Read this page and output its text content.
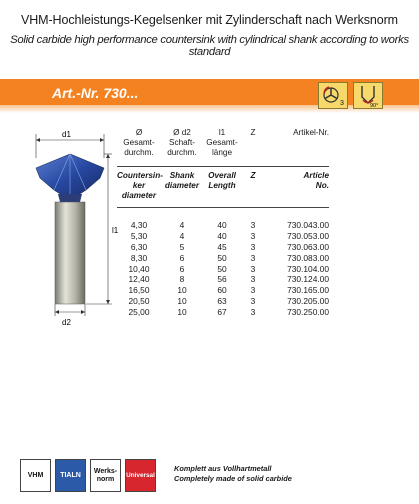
VHM-Hochleistungs-Kegelsenker mit Zylinderschaft nach Werksnorm
Solid carbide high performance countersink with cylindrical shank according to works standard
Art.-Nr. 730...
3	90°
d1
l1
d2
Ø
Gesamt-
durchm.
Ø d2
Schaft-
durchm.
l1
Gesamt-
länge
Z	Artikel-Nr.
Countersin-
ker diameter
Shank
diameter
Overall
Length
Z	Article
No.
4,30	4	40	3	730.043.00
5,30	4	40	3	730.053.00
6,30	5	45	3	730.063.00
8,30	6	50	3	730.083.00
10,40	6	50	3	730.104.00
12,40	8	56	3	730.124.00
16,50	10	60	3	730.165.00
20,50	10	63	3	730.205.00
25,00	10	67	3	730.250.00
VHM TIALN
Werks-
norm
Universal
Komplett aus Vollhartmetall
Completely made of solid carbide
